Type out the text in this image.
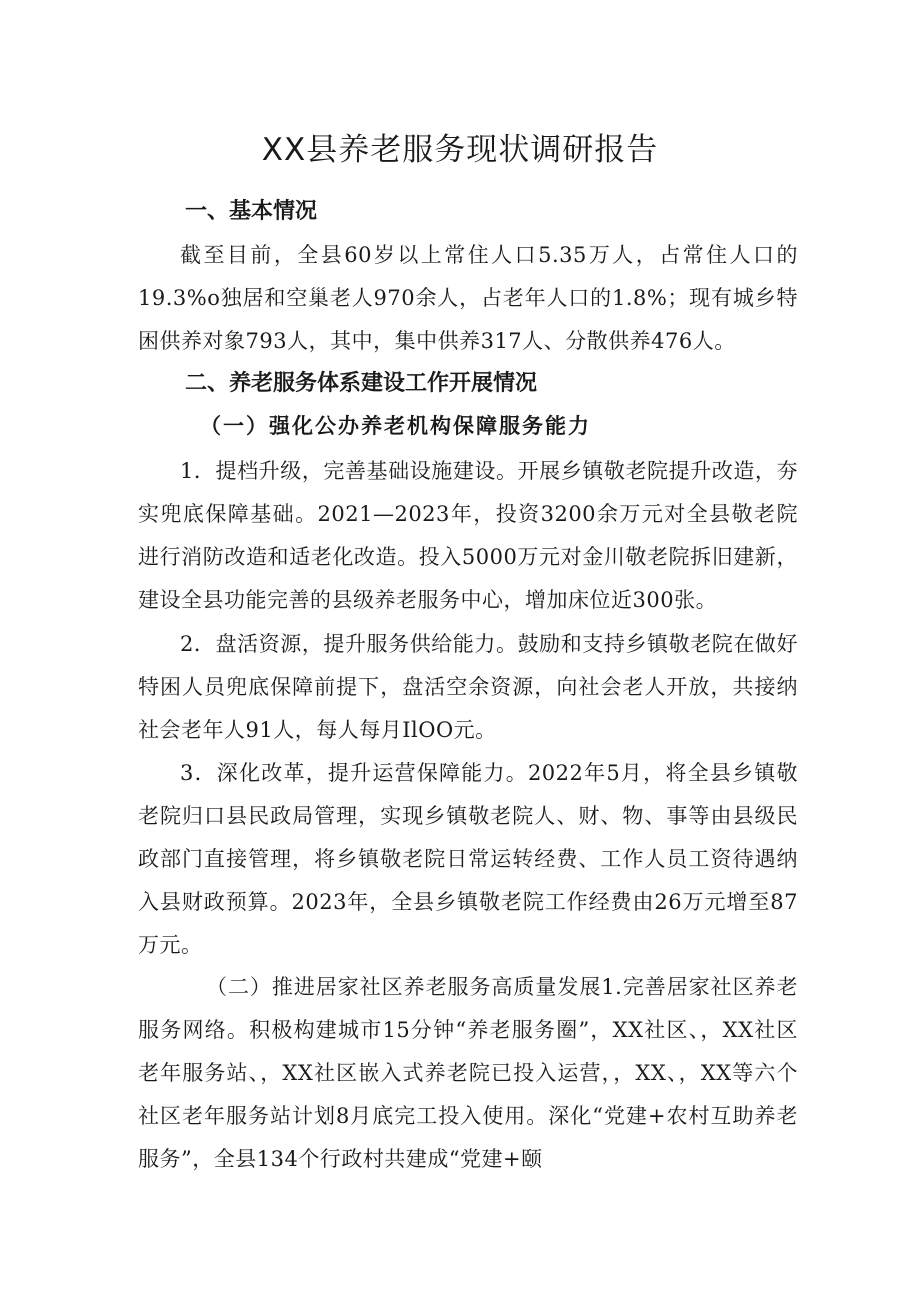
XX县养老服务现状调研报告
一、基本情况

截至目前，全县60岁以上常住人口5.35万人，占常住人口的19.3%o独居和空巢老人970余人，占老年人口的1.8%；现有城乡特困供养对象793人，其中，集中供养317人、分散供养476人。

二、养老服务体系建设工作开展情况
（一）强化公办养老机构保障服务能力

1．提档升级，完善基础设施建设。开展乡镇敬老院提升改造，夯实兜底保障基础。2021—2023年，投资3200余万元对全县敬老院进行消防改造和适老化改造。投入5000万元对金川敬老院拆旧建新，建设全县功能完善的县级养老服务中心，增加床位近300张。

2．盘活资源，提升服务供给能力。鼓励和支持乡镇敬老院在做好特困人员兜底保障前提下，盘活空余资源，向社会老人开放，共接纳社会老年人91人，每人每月IlOO元。

3．深化改革，提升运营保障能力。2022年5月，将全县乡镇敬老院归口县民政局管理，实现乡镇敬老院人、财、物、事等由县级民政部门直接管理，将乡镇敬老院日常运转经费、工作人员工资待遇纳入县财政预算。2023年，全县乡镇敬老院工作经费由26万元增至87万元。

（二）推进居家社区养老服务高质量发展1.完善居家社区养老服务网络。积极构建城市15分钟“养老服务圈”，XX社区、，XX社区老年服务站、，XX社区嵌入式养老院已投入运营，，XX、，XX等六个社区老年服务站计划8月底完工投入使用。深化“党建+农村互助养老服务”，全县134个行政村共建成“党建+颐
